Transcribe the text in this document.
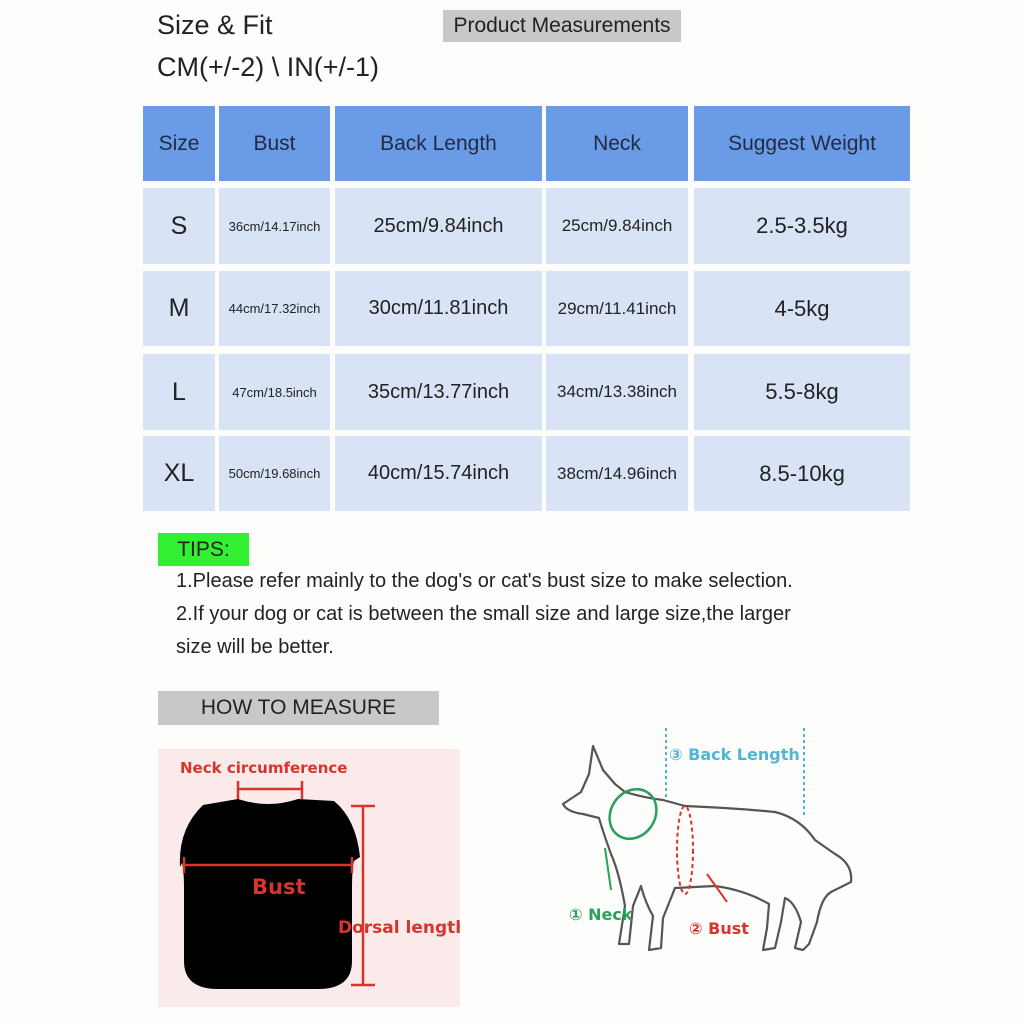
Size & Fit
CM(+/-2) \ IN(+/-1)
Product Measurements
Size	Bust	Back Length	Neck	Suggest Weight
S	36cm/14.17inch	25cm/9.84inch	25cm/9.84inch	2.5-3.5kg
M	44cm/17.32inch	30cm/11.81inch	29cm/11.41inch	4-5kg
L	47cm/18.5inch	35cm/13.77inch	34cm/13.38inch	5.5-8kg
XL	50cm/19.68inch	40cm/15.74inch	38cm/14.96inch	8.5-10kg
TIPS:
1.Please refer mainly to the dog's or cat's bust size to make selection.
2.If your dog or cat is between the small size and large size,the larger
size will be better.
HOW TO MEASURE
Neck circumference
Bust
Dorsal length
③ Back Length
① Neck
② Bust
